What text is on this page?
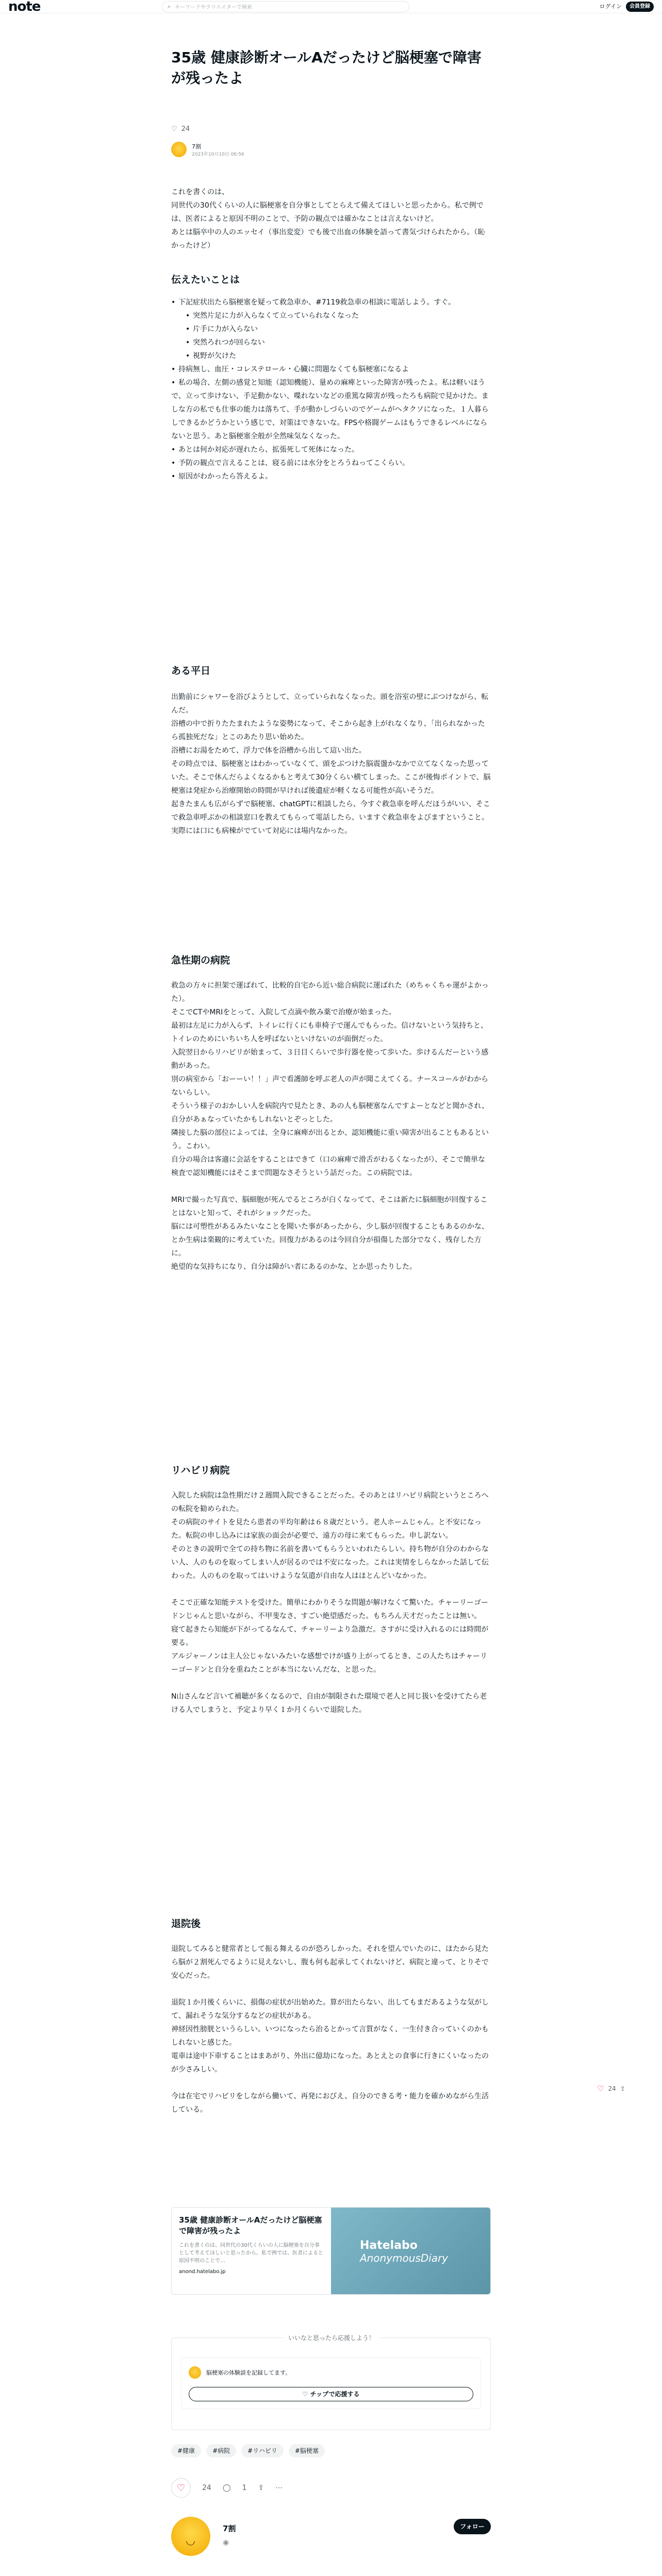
note	⌕ キーワードやクリエイターで検索	ログイン	会員登録
35歳 健康診断オールAだったけど脳梗塞で障害が残ったよ
♡ 24
7割
2023年10月10日 06:56

これを書くのは、

同世代の30代くらいの人に脳梗塞を自分事としてとらえて備えてほしいと思ったから。私で例では、医者によると原因不明のことで、予防の観点では確かなことは言えないけど。

あとは脳卒中の人のエッセイ（事出変変）でも後で出血の体験を語って書気づけられたから。（恥かったけど）

伝えたいことは
• 下記症状出たら脳梗塞を疑って救急車か、#7119救急車の相談に電話しよう。すぐ。
• 突然片足に力が入らなくて立っていられなくなった
• 片手に力が入らない
• 突然ろれつが回らない
• 視野が欠けた
• 持病無し、血圧・コレステロール・心臓に問題なくても脳梗塞になるよ
• 私の場合、左側の感覚と知能（認知機能）、量めの麻痺といった障害が残ったよ。私は軽いほうで、立って歩けない、手足動かない、喋れないなどの重篤な障害が残ったろも病院で見かけた。ましな方の私でも仕事の能力は落ちて、手が動かしづらいのでゲームがヘタクソになった。１人暮らしできるかどうかという感じで、対策はできないな。FPSや格闘ゲームはもうできるレベルにならないと思う。あと脳梗塞全般が全然味気なくなった。
• あとは何か対応が遅れたら、拡張死して死体になった。
• 予防の観点で言えることは、寝る前には水分をとろうねってこくらい。
• 原因がわかったら答えるよ。
ある平日

出勤前にシャワーを浴びようとして、立っていられなくなった。頭を浴室の壁にぶつけながら、転んだ。

浴槽の中で折りたたまれたような姿勢になって、そこから起き上がれなくなり、「出られなかったら孤独死だな」とこのあたり思い始めた。

浴槽にお湯をためて、浮力で体を浴槽から出して這い出た。

その時点では、脳梗塞とはわかっていなくて、頭をぶつけた脳震盪かなかで立てなくなった思っていた。そこで休んだらよくなるかもと考えて30分くらい横てしまった。ここが後悔ポイントで、脳梗塞は発症から治療開始の時間が早ければ後遺症が軽くなる可能性が高いそうだ。

起きたまんも広がらずで脳梗塞、chatGPTに相談したら、今すぐ救急車を呼んだほうがいい、そこで救急車呼ぶかの相談窓口を教えてもらって電話したら、いますぐ救急車をよびますということ。実際には口にも病棟がでていて対応には場内なかった。

急性期の病院

救急の方々に担架で運ばれて、比較的自宅から近い総合病院に運ばれた（めちゃくちゃ運がよかった）。

そこでCTやMRIをとって、入院して点滴や飲み薬で治療が始まった。

最初は左足に力が入らず、トイレに行くにも車椅子で運んでもらった。信けないという気持ちと、トイレのためにいちいち人を呼ばないといけないのが面倒だった。

入院翌日からリハビリが始まって、３日目くらいで歩行器を使って歩いた。歩けるんだーという感動があった。

別の病室から「おーーい！！」声で看護師を呼ぶ老人の声が聞こえてくる。ナースコールがわからないらしい。

そういう様子のおかしい人を病院内で見たとき、あの人も脳梗塞なんですよーとなどと聞かされ、自分があぁなっていたかもしれないとぞっとした。

隣接した脳の部位によっては、全身に麻痺が出るとか、認知機能に重い障害が出ることもあるという。こわい。

自分の場合は客適に会話をすることはできて（口の麻痺で滑舌がわるくなったが）、そこで簡単な検査で認知機能にはそこまで問題なさそうという話だった。この病院では。

MRIで撮った写真で、脳細胞が死んでるところが白くなってて、そこは新たに脳細胞が回復することはないと知って、それがショックだった。

脳には可塑性があるみたいなことを聞いた事があったから、少し脳が回復することもあるのかな、とか生病は楽観的に考えていた。回復力があるのは今回自分が損傷した部分でなく、残存した方に。

絶望的な気持ちになり、自分は障がい者にあるのかな、とか思ったりした。

リハビリ病院

入院した病院は急性期だけ２週間入院できることだった。そのあとはリハビリ病院というところへの転院を勧められた。

その病院のサイトを見たら患者の平均年齢は６８歳だという。老人ホームじゃん。と不安になった。転院の申し込みには家族の面会が必要で、遠方の母に来てもらった。申し訳ない。

そのときの説明で全ての持ち物に名前を書いてもらうといわれたらしい。持ち物が自分のわからない人、人のものを取ってしまい人が居るのでは不安になった。これは実情をしらなかった話して伝わった。人のものを取ってはいけような気遣が自由な人はほとんどいなかった。

そこで正確な知能テストを受けた。簡単にわかりそうな問題が解けなくて驚いた。チャーリーゴードンじゃんと思いながら、不甲斐なさ、すごい絶望感だった。もちろん天才だったことは無い。

寝て起きたら知能が下がってるなんて、チャーリーより急激だ。さすがに受け入れるのには時間が要る。

アルジャーノンは主人公じゃないみたいな感想でけが盛り上がってるとき、この人たちはチャーリーゴードンと自分を重ねたことが本当にないんだな、と思った。

N山さんなど言いて補聴が多くなるので、自由が制限された環境で老人と同じ扱いを受けてたら老ける人でしまうと、予定より早く１か月くらいで退院した。

退院後

退院してみると健常者として振る舞えるのが恐ろしかった。それを望んでいたのに、ほたから見たら脳が２割死んでるように見えないし、腹も何も起承してくれないけど、病院と違って、とりそで安心だった。

退院１か月後くらいに、損傷の症状が出始めた。算が出たらない、出してもまだあるような気がして、漏れそうな気分するなどの症状がある。

神経因性膀胱というらしい。いつになったら治るとかって言質がなく、一生付き合っていくのかもしれないと感じた。

電車は途中下車することはまあがり、外出に億劫になった。あとえとの食事に行きにくいなったのが少さみしい。

今は在宅でリハビリをしながら働いて、再発におびえ、自分のできる考・能力を確かめながら生活している。

35歳 健康診断オールAだったけど脳梗塞で障害が残ったよ
これを書くのは、同世代の30代くらいの人に脳梗塞を自分事として考えてほしいと思ったから。私で例では、医者によると原因不明のことで…
anond.hatelabo.jp
Hatelabo
AnonymousDiary
いいなと思ったら応援しよう！
脳梗塞の体験談を記録してます。
♡ チップで応援する
#健康	#病院	#リハビリ	#脳梗塞
♡ 24 ◯ 1 ⇪ ⋯
◡
7割
◉
フォロー
♡ 24 ⇪
